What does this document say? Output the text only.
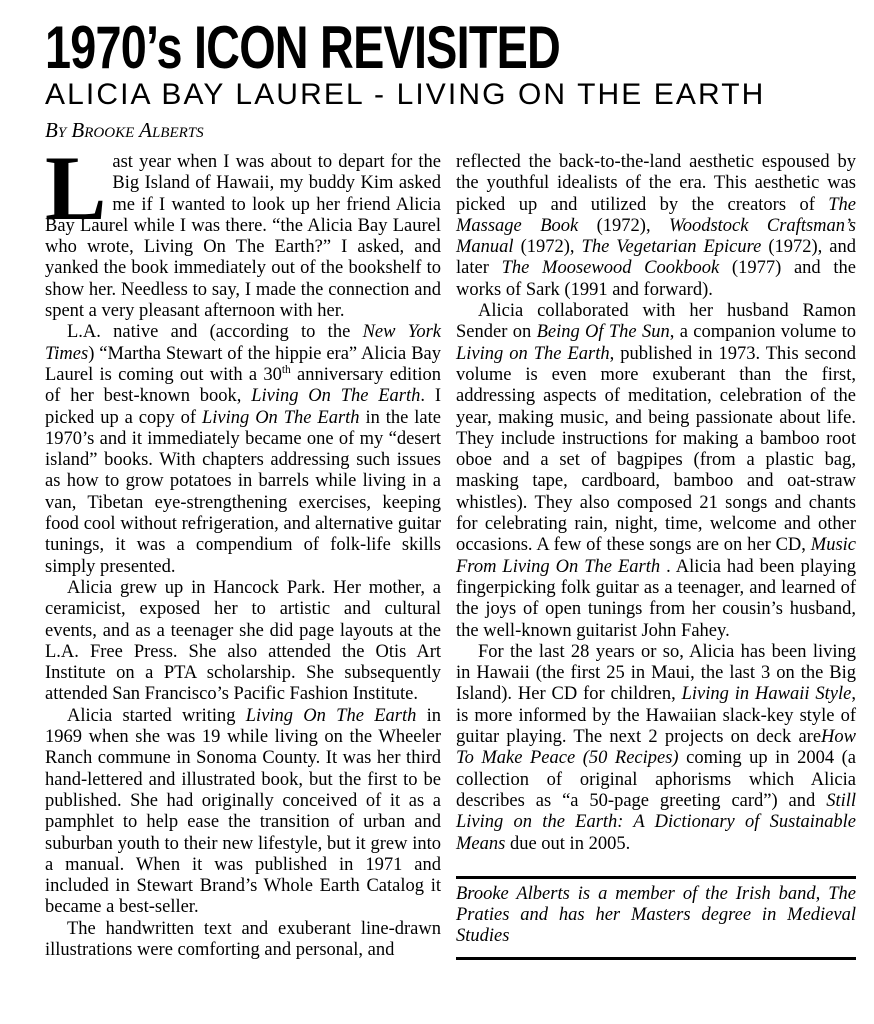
1970’s ICON REVISITED
ALICIA BAY LAUREL - LIVING ON THE EARTH
By Brooke Alberts

Last year when I was about to depart for the Big Island of Hawaii, my buddy Kim asked me if I wanted to look up her friend Alicia Bay Laurel while I was there. “the Alicia Bay Laurel who wrote, Living On The Earth?” I asked, and yanked the book immediately out of the bookshelf to show her. Needless to say, I made the connection and spent a very pleasant afternoon with her.

L.A. native and (according to the New York Times) “Martha Stewart of the hippie era” Alicia Bay Laurel is coming out with a 30th anniversary edition of her best-known book, Living On The Earth. I picked up a copy of Living On The Earth in the late 1970’s and it immediately became one of my “desert island” books. With chapters addressing such issues as how to grow potatoes in barrels while living in a van, Tibetan eye-strengthening exercises, keeping food cool without refrigeration, and alternative guitar tunings, it was a compendium of folk-life skills simply presented.

Alicia grew up in Hancock Park. Her mother, a ceramicist, exposed her to artistic and cultural events, and as a teenager she did page layouts at the L.A. Free Press. She also attended the Otis Art Institute on a PTA scholarship. She subsequently attended San Francisco’s Pacific Fashion Institute.

Alicia started writing Living On The Earth in 1969 when she was 19 while living on the Wheeler Ranch commune in Sonoma County. It was her third hand-lettered and illustrated book, but the first to be published. She had originally conceived of it as a pamphlet to help ease the transition of urban and suburban youth to their new lifestyle, but it grew into a manual. When it was published in 1971 and included in Stewart Brand’s Whole Earth Catalog it became a best-seller.

The handwritten text and exuberant line-drawn illustrations were comforting and personal, and

reflected the back-to-the-land aesthetic espoused by the youthful idealists of the era. This aesthetic was picked up and utilized by the creators of The Massage Book (1972), Woodstock Craftsman’s Manual (1972), The Vegetarian Epicure (1972), and later The Moosewood Cookbook (1977) and the works of Sark (1991 and forward).

Alicia collaborated with her husband Ramon Sender on Being Of The Sun, a companion volume to Living on The Earth, published in 1973. This second volume is even more exuberant than the first, addressing aspects of meditation, celebration of the year, making music, and being passionate about life. They include instructions for making a bamboo root oboe and a set of bagpipes (from a plastic bag, masking tape, cardboard, bamboo and oat-straw whistles). They also composed 21 songs and chants for celebrating rain, night, time, welcome and other occasions. A few of these songs are on her CD, Music From Living On The Earth . Alicia had been playing fingerpicking folk guitar as a teenager, and learned of the joys of open tunings from her cousin’s husband, the well-known guitarist John Fahey.

For the last 28 years or so, Alicia has been living in Hawaii (the first 25 in Maui, the last 3 on the Big Island). Her CD for children, Living in Hawaii Style, is more informed by the Hawaiian slack-key style of guitar playing. The next 2 projects on deck areHow To Make Peace (50 Recipes) coming up in 2004 (a collection of original aphorisms which Alicia describes as “a 50-page greeting card”) and Still Living on the Earth: A Dictionary of Sustainable Means due out in 2005.

Brooke Alberts is a member of the Irish band, The Praties and has her Masters degree in Medieval Studies
